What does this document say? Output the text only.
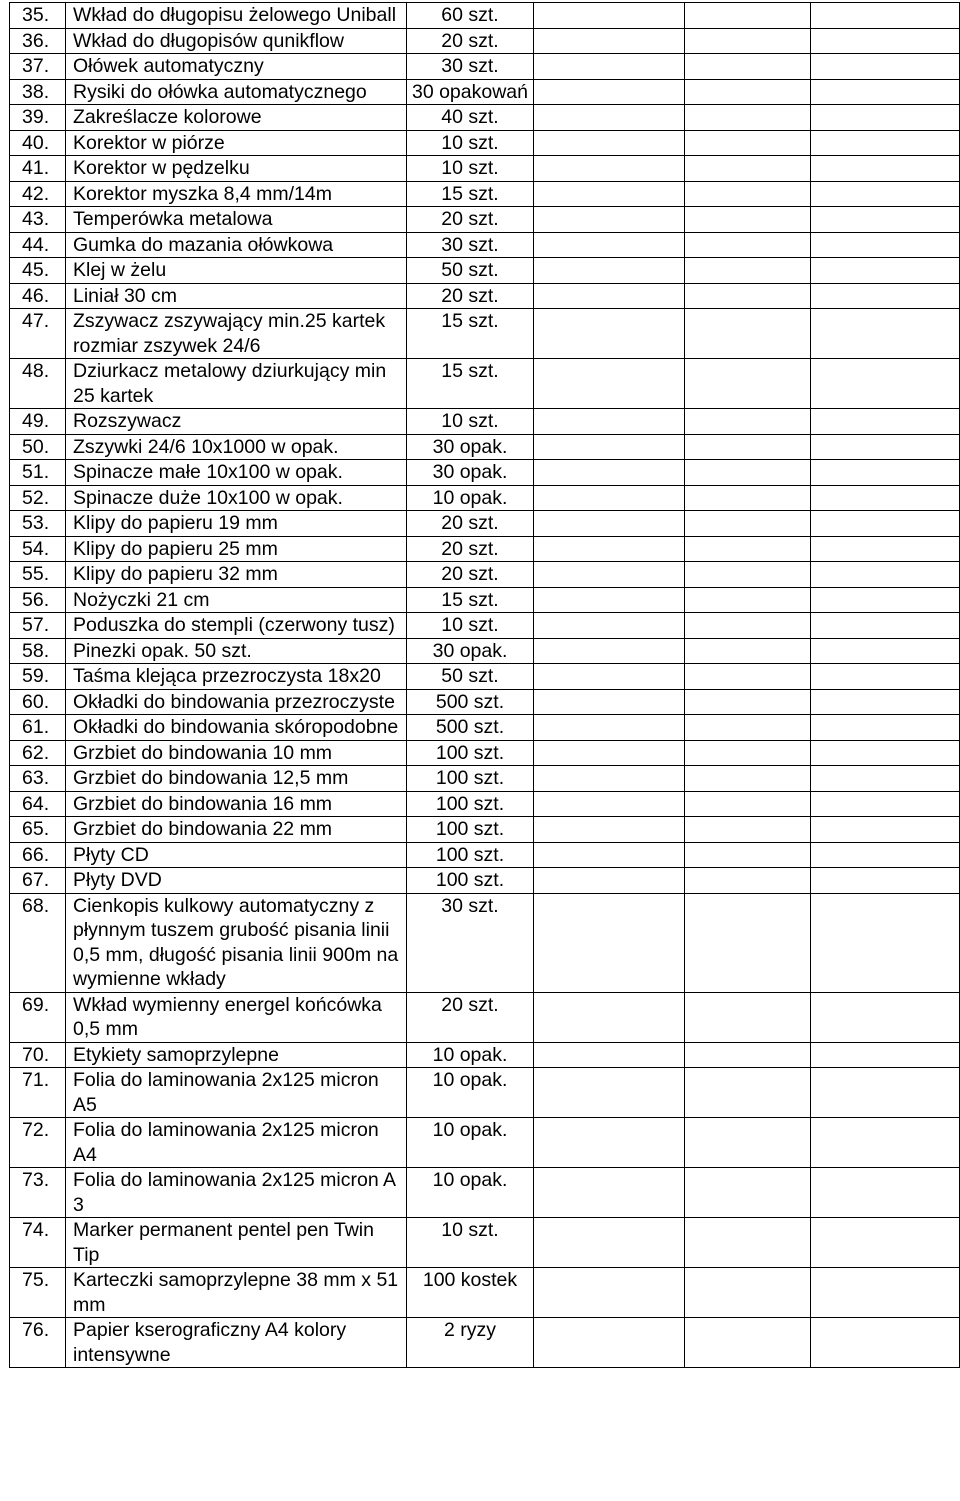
35.	Wkład do długopisu żelowego Uniball	60 szt.			
36.	Wkład do długopisów qunikflow	20 szt.			
37.	Ołówek automatyczny	30 szt.			
38.	Rysiki do ołówka automatycznego	30 opakowań			
39.	Zakreślacze kolorowe	40 szt.			
40.	Korektor w piórze	10 szt.			
41.	Korektor w pędzelku	10 szt.			
42.	Korektor myszka 8,4 mm/14m	15 szt.			
43.	Temperówka metalowa	20 szt.			
44.	Gumka do mazania ołówkowa	30 szt.			
45.	Klej w żelu	50 szt.			
46.	Liniał 30 cm	20 szt.			
47.	Zszywacz zszywający min.25 kartek rozmiar zszywek 24/6	15 szt.			
48.	Dziurkacz metalowy dziurkujący min 25 kartek	15 szt.			
49.	Rozszywacz	10 szt.			
50.	Zszywki 24/6 10x1000 w opak.	30 opak.			
51.	Spinacze małe 10x100 w opak.	30 opak.			
52.	Spinacze duże 10x100 w opak.	10 opak.			
53.	Klipy do papieru 19 mm	20 szt.			
54.	Klipy do papieru 25 mm	20 szt.			
55.	Klipy do papieru 32 mm	20 szt.			
56.	Nożyczki 21 cm	15 szt.			
57.	Poduszka do stempli (czerwony tusz)	10 szt.			
58.	Pinezki opak. 50 szt.	30 opak.			
59.	Taśma klejąca przezroczysta 18x20	50 szt.			
60.	Okładki do bindowania przezroczyste	500 szt.			
61.	Okładki do bindowania skóropodobne	500 szt.			
62.	Grzbiet do bindowania 10 mm	100 szt.			
63.	Grzbiet do bindowania 12,5 mm	100 szt.			
64.	Grzbiet do bindowania 16 mm	100 szt.			
65.	Grzbiet do bindowania 22 mm	100 szt.			
66.	Płyty CD	100 szt.			
67.	Płyty DVD	100 szt.			
68.	Cienkopis kulkowy automatyczny z płynnym tuszem grubość pisania linii 0,5 mm, długość pisania linii 900m na wymienne wkłady	30 szt.			
69.	Wkład wymienny energel końcówka 0,5 mm	20 szt.			
70.	Etykiety samoprzylepne	10 opak.			
71.	Folia do laminowania 2x125 micron A5	10 opak.			
72.	Folia do laminowania 2x125 micron A4	10 opak.			
73.	Folia do laminowania 2x125 micron A 3	10 opak.			
74.	Marker permanent pentel pen Twin Tip	10 szt.			
75.	Karteczki samoprzylepne 38 mm x 51 mm	100 kostek			
76.	Papier kserograficzny A4 kolory intensywne	2 ryzy			
